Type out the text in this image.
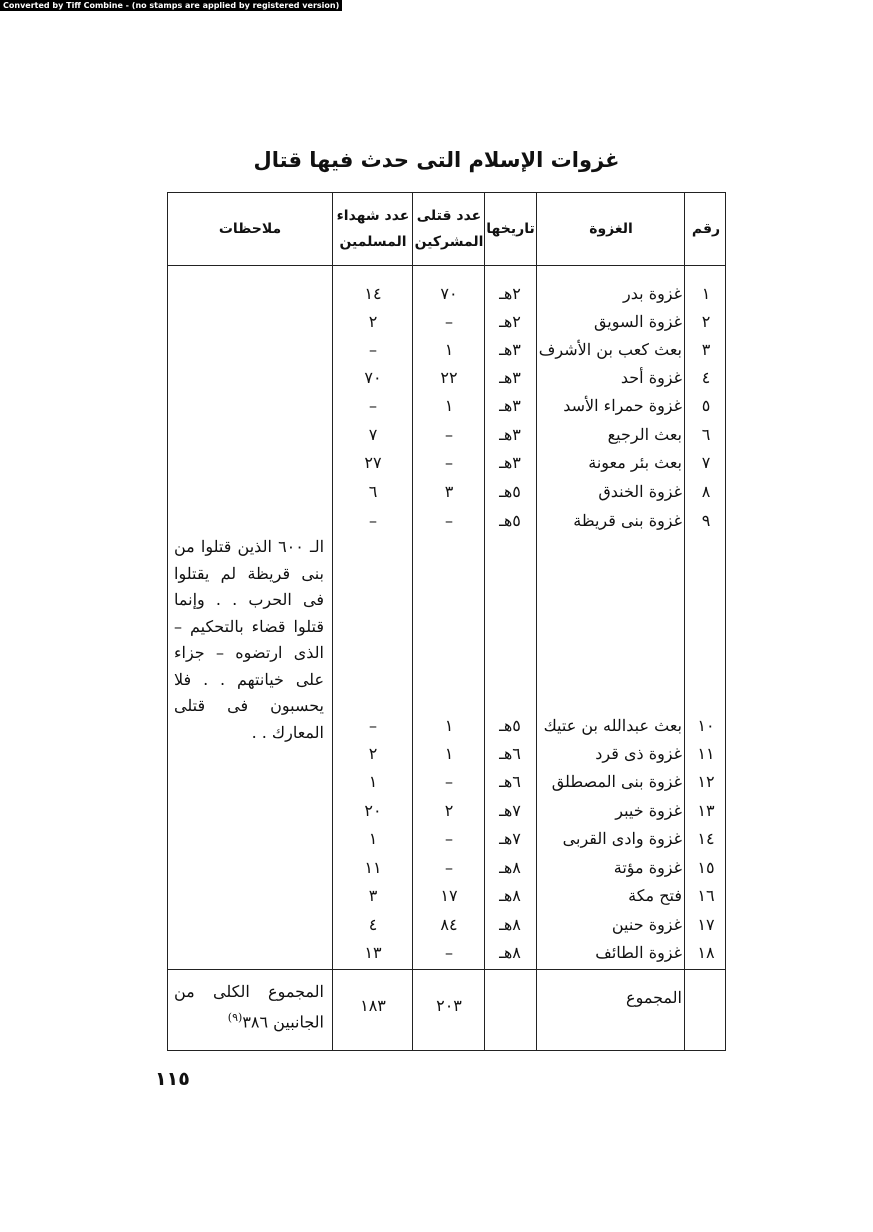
Converted by Tiff Combine - (no stamps are applied by registered version)
غزوات الإسلام التى حدث فيها قتال
رقم
الغزوة
تاريخها
عدد قتلى المشركين
عدد شهداء المسلمين
ملاحظات
١
غزوة بدر
٢هـ
٧٠
١٤
٢
غزوة السويق
٢هـ
–
٢
٣
بعث كعب بن الأشرف
٣هـ
١
–
٤
غزوة أحد
٣هـ
٢٢
٧٠
٥
غزوة حمراء الأسد
٣هـ
١
–
٦
بعث الرجيع
٣هـ
–
٧
٧
بعث بئر معونة
٣هـ
–
٢٧
٨
غزوة الخندق
٥هـ
٣
٦
٩
غزوة بنى قريظة
٥هـ
–
–
١٠
بعث عبدالله بن عتيك
٥هـ
١
–
١١
غزوة ذى قرد
٦هـ
١
٢
١٢
غزوة بنى المصطلق
٦هـ
–
١
١٣
غزوة خيبر
٧هـ
٢
٢٠
١٤
غزوة وادى القربى
٧هـ
–
١
١٥
غزوة مؤتة
٨هـ
–
١١
١٦
فتح مكة
٨هـ
١٧
٣
١٧
غزوة حنين
٨هـ
٨٤
٤
١٨
غزوة الطائف
٨هـ
–
١٣
الـ ٦٠٠ الذين قتلوا من بنى قريظة لم يقتلوا فى الحرب . . وإنما قتلوا قضاء بالتحكيم – الذى ارتضوه – جزاء على خيانتهم . . فلا يحسبون فى قتلى المعارك . .
المجموع
٢٠٣
١٨٣
المجموع الكلى من الجانبين ٣٨٦$^{(٩)}$
١١٥
